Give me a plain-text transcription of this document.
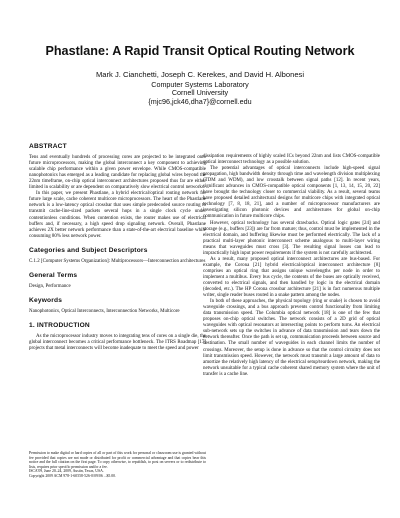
Phastlane: A Rapid Transit Optical Routing Network
Mark J. Cianchetti, Joseph C. Kerekes, and David H. Albonesi
Computer Systems Laboratory
Cornell University
{mjc96,jck46,dha7}@cornell.edu
ABSTRACT

Tens and eventually hundreds of processing cores are projected to be integrated onto future microprocessors, making the global interconnect a key component to achieving scalable chip performance within a given power envelope. While CMOS-compatible nanophotonics has emerged as a leading candidate for replacing global wires beyond the 22nm timeframe, on-chip optical interconnect architectures proposed thus far are either limited in scalability or are dependent on comparatively slow electrical control networks.

In this paper, we present Phastlane, a hybrid electrical/optical routing network for future large scale, cache coherent multicore microprocessors. The heart of the Phastlane network is a low-latency optical crossbar that uses simple predecoded source routing to transmit cache-line-sized packets several hops in a single clock cycle under contentionless conditions. When contention exists, the router makes use of electrical buffers and, if necessary, a high speed drop signaling network. Overall, Phastlane achieves 2X better network performance than a state-of-the-art electrical baseline while consuming 80% less network power.

Categories and Subject Descriptors

C.1.2 [Computer Systems Organization]: Multiprocessors—Interconnection architectures

General Terms

Design, Performance

Keywords

Nanophotonics, Optical Interconnects, Interconnection Networks, Multicore

1. INTRODUCTION

As the microprocessor industry moves to integrating tens of cores on a single die, the global interconnect becomes a critical performance bottleneck. The ITRS Roadmap [17] projects that metal interconnects will become inadequate to meet the speed and power

Permission to make digital or hard copies of all or part of this work for personal or classroom use is granted without fee provided that copies are not made or distributed for profit or commercial advantage and that copies bear this notice and the full citation on the first page. To copy otherwise, to republish, to post on servers or to redistribute to lists, requires prior specific permission and/or a fee.
ISCA'09, June 20–24, 2009, Austin, Texas, USA.
Copyright 2009 ACM 978-1-60558-526-0/09/06 ...$5.00.

dissipation requirements of highly scaled ICs beyond 22nm and lists CMOS-compatible optical interconnect technology as a possible solution.

The potential advantages of optical interconnects include high-speed signal propagation, high bandwidth density through time and wavelength division multiplexing (TDM and WDM), and low crosstalk between signal paths [12]. In recent years, significant advances in CMOS-compatible optical components [1, 13, 14, 15, 20, 22] have brought the technology closer to commercial viability. As a result, several teams have proposed detailed architectural designs for multicore chips with integrated optical technology [7, 8, 18, 21], and a number of microprocessor manufacturers are investigating silicon photonic devices and architectures for global on-chip communication in future multicore chips.

However, optical technology has several drawbacks. Optical logic gates [24] and storage (e.g., buffers [23]) are far from mature; thus, control must be implemented in the electrical domain, and buffering likewise must be performed electrically. The lack of a practical multi-layer photonic interconnect scheme analogous to multi-layer wiring means that waveguides must cross [3]. The resulting signal losses can lead to impractically high input power requirements if the system is not carefully architected.

As a result, many proposed optical interconnect architectures are bus-based. For example, the Corona [21] hybrid electrical/optical interconnect architecture [8] comprises an optical ring that assigns unique wavelengths per node in order to implement a multibus. Every bus cycle, the contents of the buses are optically received, converted to electrical signals, and then handled by logic in the electrical domain (decoded, etc.). The HP Corona crossbar architecture [21] is in fact numerous multiple writer, single reader buses routed in a snake pattern among the nodes.

In both of these approaches, the physical topology (ring or snake) is chosen to avoid waveguide crossings, and a bus approach prevents control functionality from limiting data transmission speed. The Columbia optical network [18] is one of the few that proposes on-chip optical switches. The network consists of a 2D grid of optical waveguides with optical resonators at intersecting points to perform turns. An electrical sub-network sets up the switches in advance of data transmission and tears down the network thereafter. Once the path is set up, communication proceeds between source and destination. The small number of waveguides in each channel limits the number of crossings. Moreover, the setup is done in advance so that the control circuitry does not limit transmission speed. However, the network must transmit a large amount of data to amortize the relatively high latency of the electrical setup/teardown network, making the network unsuitable for a typical cache coherent shared memory system where the unit of transfer is a cache line.
